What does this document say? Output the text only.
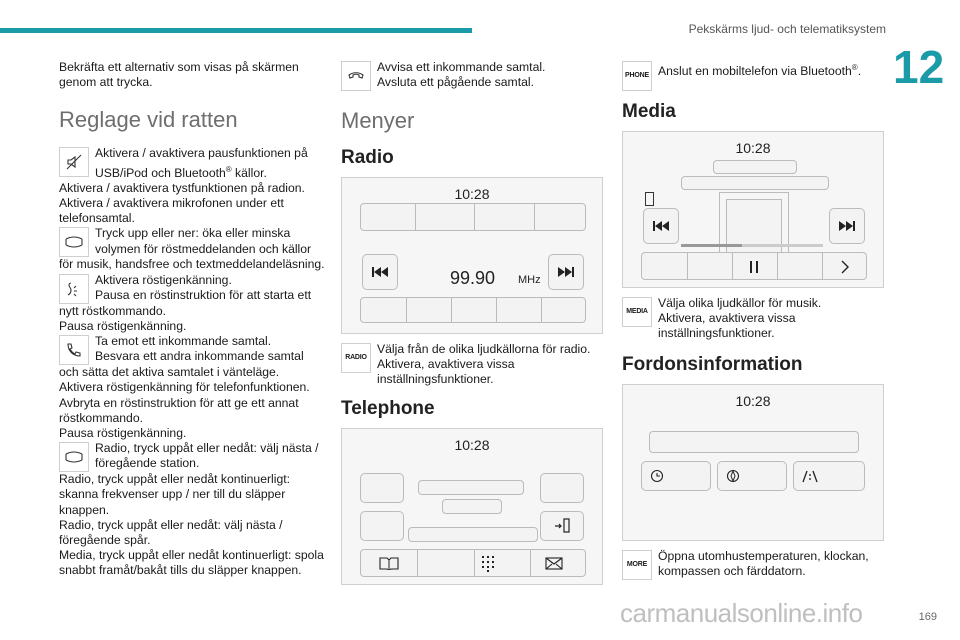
Pekskärms ljud- och telematiksystem
12
Bekräfta ett alternativ som visas på skärmen genom att trycka.
Reglage vid ratten
Aktivera / avaktivera pausfunktionen på USB/iPod och Bluetooth® källor.
Aktivera / avaktivera tystfunktionen på radion.
Aktivera / avaktivera mikrofonen under ett telefonsamtal.
Tryck upp eller ner: öka eller minska volymen för röstmeddelanden och källor
för musik, handsfree och textmeddelandeläsning.
Aktivera röstigenkänning.
Pausa en röstinstruktion för att starta ett
nytt röstkommando.
Pausa röstigenkänning.
Ta emot ett inkommande samtal.
Besvara ett andra inkommande samtal
och sätta det aktiva samtalet i vänteläge.
Aktivera röstigenkänning för telefonfunktionen.
Avbryta en röstinstruktion för att ge ett annat röstkommando.
Pausa röstigenkänning.
Radio, tryck uppåt eller nedåt: välj nästa / föregående station.
Radio, tryck uppåt eller nedåt kontinuerligt: skanna frekvenser upp / ner till du släpper knappen.
Radio, tryck uppåt eller nedåt: välj nästa / föregående spår.
Media, tryck uppåt eller nedåt kontinuerligt: spola snabbt framåt/bakåt tills du släpper knappen.
Avvisa ett inkommande samtal.
Avsluta ett pågående samtal.
Menyer
Radio
10:28
99.90 MHz
RADIO
Välja från de olika ljudkällorna för radio.
Aktivera, avaktivera vissa inställningsfunktioner.
Telephone
10:28
PHONE Anslut en mobiltelefon via Bluetooth®.
Media
10:28
MEDIA
Välja olika ljudkällor för musik.
Aktivera, avaktivera vissa inställningsfunktioner.
Fordonsinformation
10:28
MORE
Öppna utomhustemperaturen, klockan, kompassen och färddatorn.
carmanualsonline.info	169
